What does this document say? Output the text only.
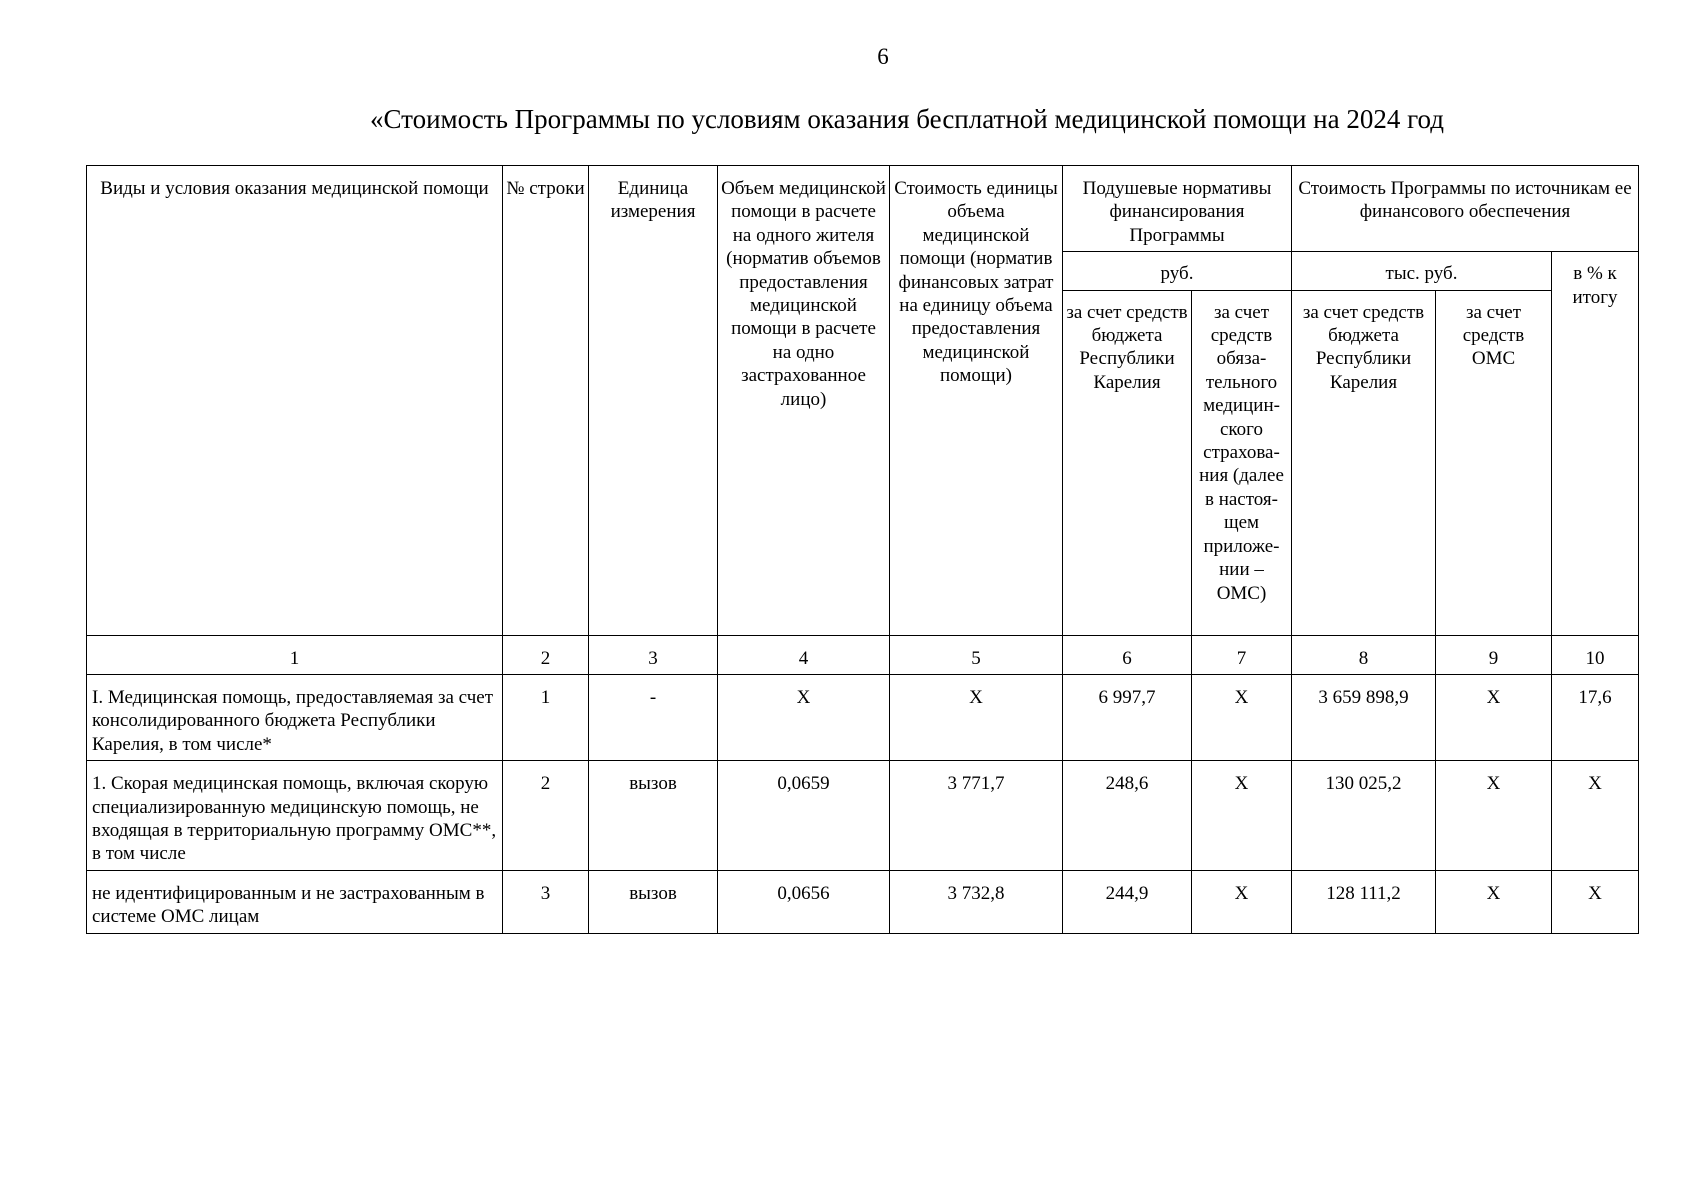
6
«Стоимость Программы по условиям оказания бесплатной медицинской помощи на 2024 год
Виды и условия оказания медицинской помощи	№ строки	Единица измерения	Объем медицинской помощи в расчете на одного жителя (норматив объемов предоставления медицинской помощи в расчете на одно застрахованное лицо)	Стоимость единицы объема медицинской помощи (норматив финансовых затрат на единицу объема предоставления медицинской помощи)	Подушевые нормативы финансирования Программы		Стоимость Программы по источникам ее финансового обеспечения		
					руб.		тыс. руб.		в % к итогу
					за счет средств бюджета Республики Карелия	за счет средств обяза-тельного медицин-ского страхова-ния (далее в настоя-щем приложе-нии – ОМС)	за счет средств бюджета Республики Карелия	за счет средств ОМС	
1	2	3	4	5	6	7	8	9	10
I. Медицинская помощь, предоставляемая за счет консолидированного бюджета Республики Карелия, в том числе*	1	-	Х	Х	6 997,7	Х	3 659 898,9	Х	17,6
1. Скорая медицинская помощь, включая скорую специализированную медицинскую помощь, не входящая в территориальную программу ОМС**, в том числе	2	вызов	0,0659	3 771,7	248,6	Х	130 025,2	Х	Х
не идентифицированным и не застрахованным в системе ОМС лицам	3	вызов	0,0656	3 732,8	244,9	Х	128 111,2	Х	Х
